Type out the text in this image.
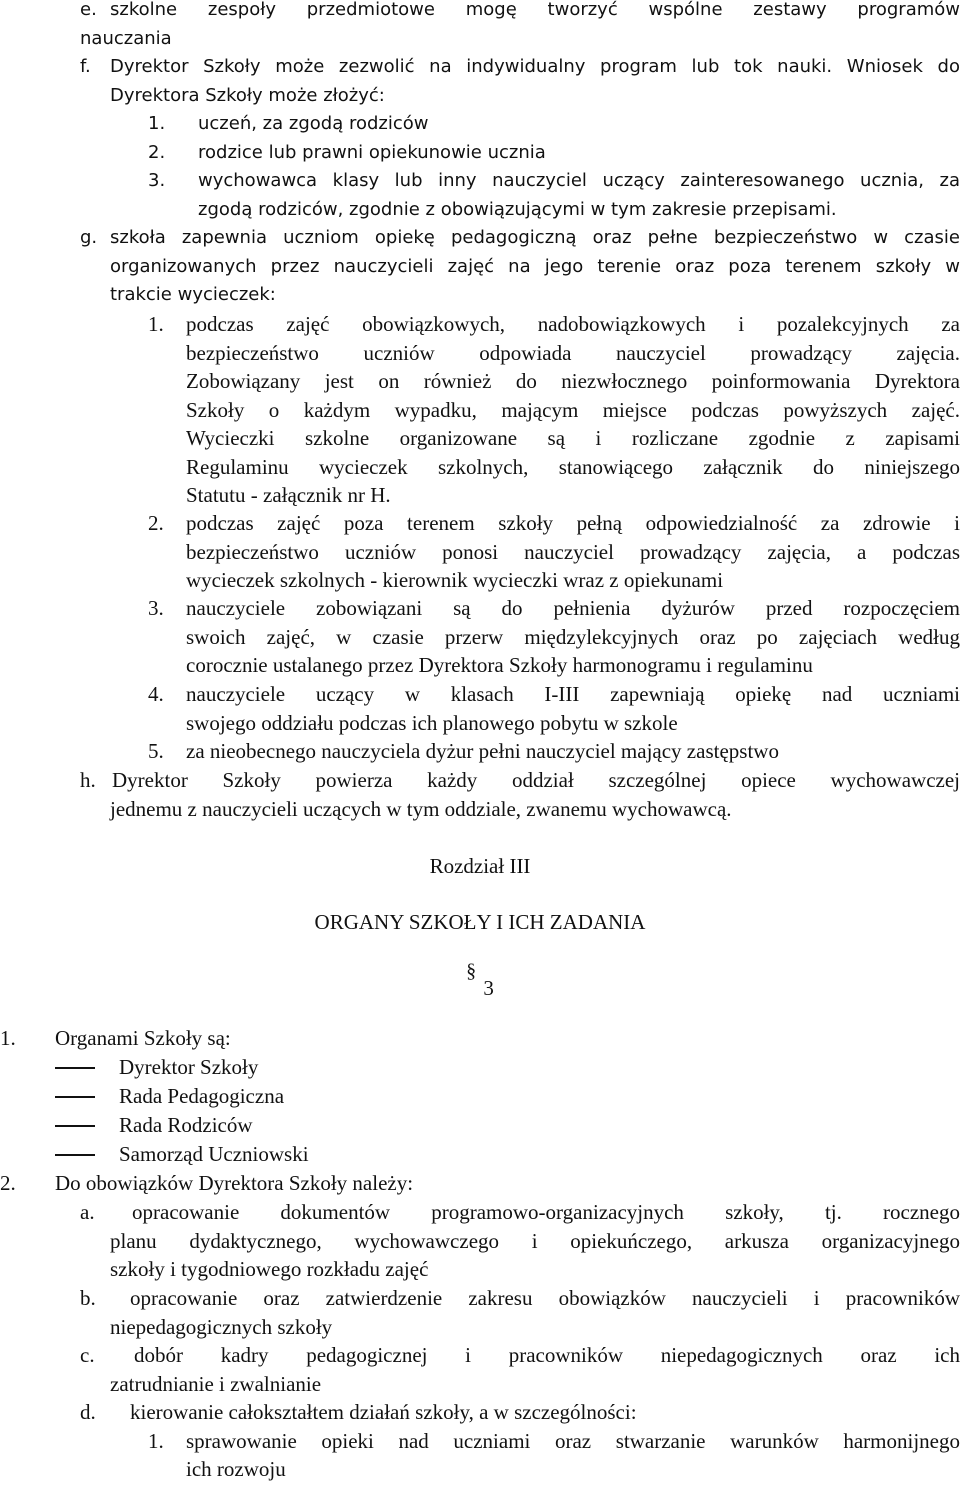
e. szkolne zespoły przedmiotowe mogę tworzyć wspólne zestawy programów
nauczania
f.	Dyrektor Szkoły może zezwolić na indywidualny program lub tok nauki. Wniosek do
Dyrektora Szkoły może złożyć:
1.	uczeń, za zgodą rodziców
2.	rodzice lub prawni opiekunowie ucznia
3.	wychowawca klasy lub inny nauczyciel uczący zainteresowanego ucznia, za
zgodą rodziców, zgodnie z obowiązującymi w tym zakresie przepisami.
g. szkoła zapewnia uczniom opiekę pedagogiczną oraz pełne bezpieczeństwo w czasie
organizowanych przez nauczycieli zajęć na jego terenie oraz poza terenem szkoły w
trakcie wycieczek:
1.	podczas zajęć obowiązkowych, nadobowiązkowych i pozalekcyjnych za
bezpieczeństwo uczniów odpowiada nauczyciel prowadzący zajęcia.
Zobowiązany jest on również do niezwłocznego poinformowania Dyrektora
Szkoły o każdym wypadku, mającym miejsce podczas powyższych zajęć.
Wycieczki szkolne organizowane są i rozliczane zgodnie z zapisami
Regulaminu wycieczek szkolnych, stanowiącego załącznik do niniejszego
Statutu - załącznik nr H.
2.	podczas zajęć poza terenem szkoły pełną odpowiedzialność za zdrowie i
bezpieczeństwo uczniów ponosi nauczyciel prowadzący zajęcia, a podczas
wycieczek szkolnych - kierownik wycieczki wraz z opiekunami
3.	nauczyciele zobowiązani są do pełnienia dyżurów przed rozpoczęciem
swoich zajęć, w czasie przerw międzylekcyjnych oraz po zajęciach według
corocznie ustalanego przez Dyrektora Szkoły harmonogramu i regulaminu
4.	nauczyciele uczący w klasach I-III zapewniają opiekę nad uczniami
swojego oddziału podczas ich planowego pobytu w szkole
5.	za nieobecnego nauczyciela dyżur pełni nauczyciel mający zastępstwo
h. Dyrektor Szkoły powierza każdy oddział szczególnej opiece wychowawczej
jednemu z nauczycieli uczących w tym oddziale, zwanemu wychowawcą.
Rozdział III
ORGANY SZKOŁY I ICH ZADANIA
§ 3
1.	Organami Szkoły są:
Dyrektor Szkoły
Rada Pedagogiczna
Rada Rodziców
Samorząd Uczniowski
2.	Do obowiązków Dyrektora Szkoły należy:
a.	opracowanie dokumentów programowo-organizacyjnych szkoły, tj. rocznego
planu dydaktycznego, wychowawczego i opiekuńczego, arkusza organizacyjnego
szkoły i tygodniowego rozkładu zajęć
b.	opracowanie oraz zatwierdzenie zakresu obowiązków nauczycieli i pracowników
niepedagogicznych szkoły
c.	dobór kadry pedagogicznej i pracowników niepedagogicznych oraz ich
zatrudnianie i zwalnianie
d.	kierowanie całokształtem działań szkoły, a w szczególności:
1.	sprawowanie opieki nad uczniami oraz stwarzanie warunków harmonijnego
ich rozwoju
